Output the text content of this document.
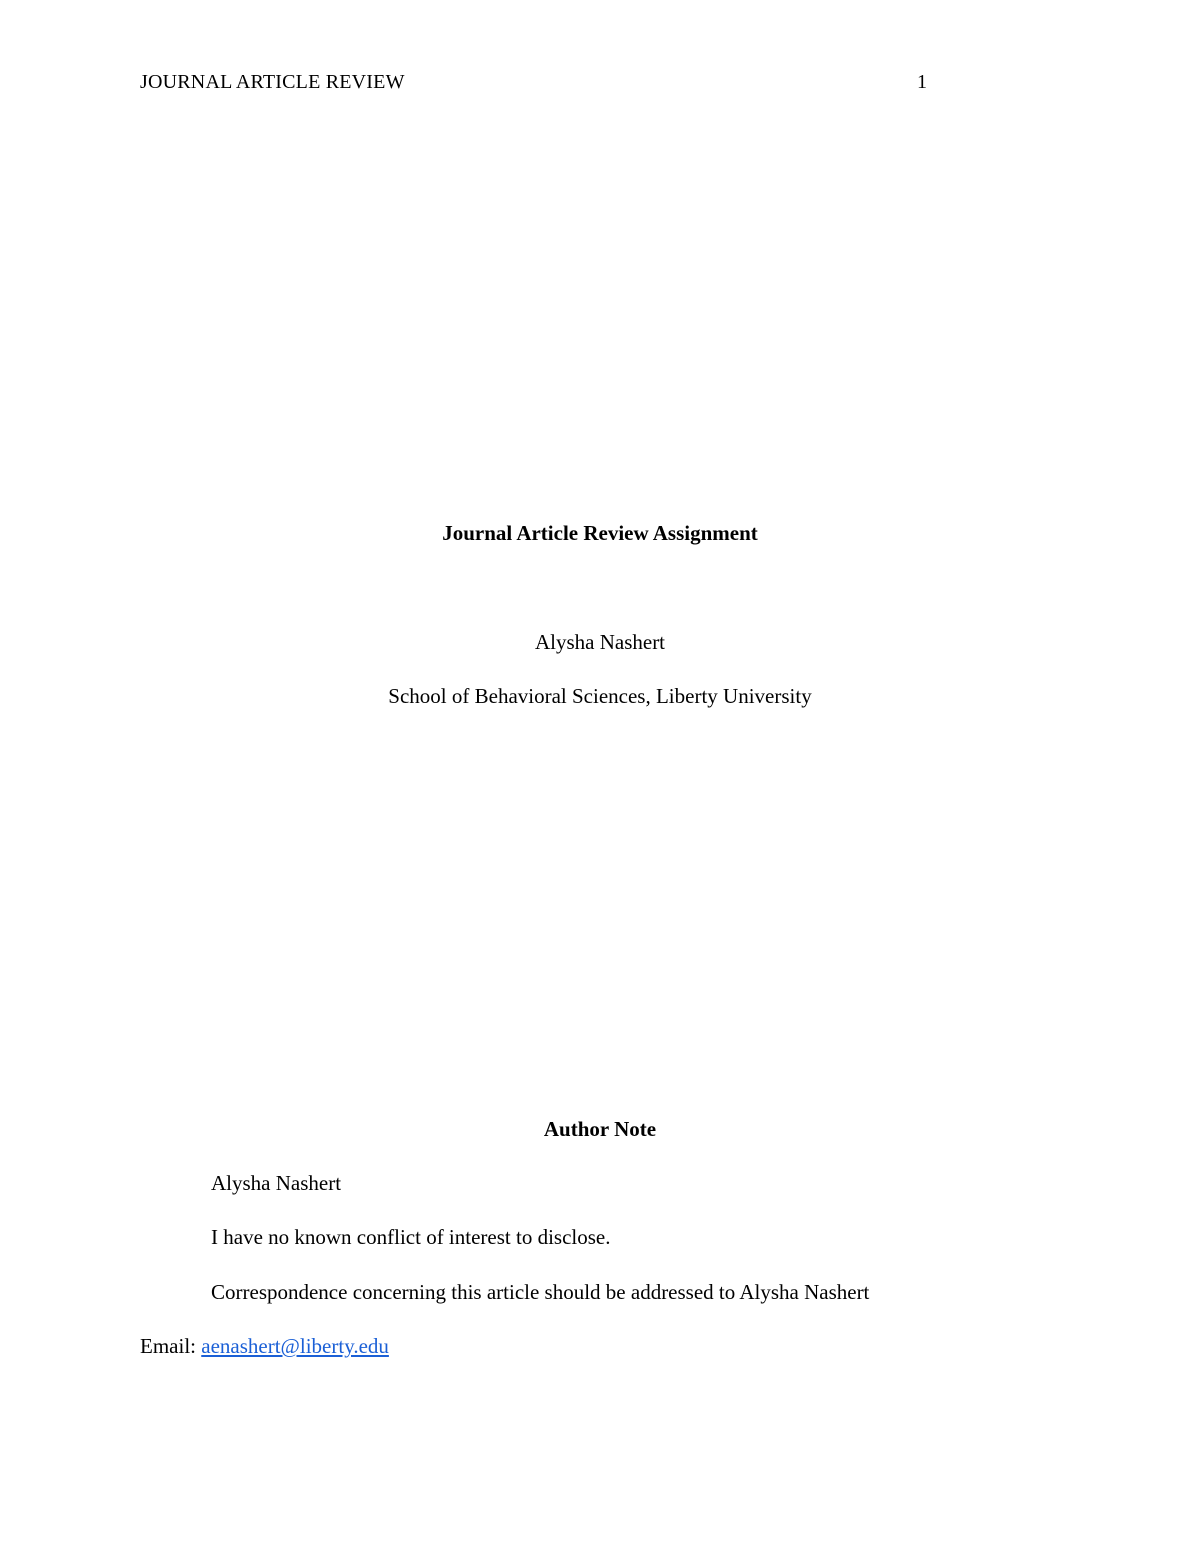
JOURNAL ARTICLE REVIEW	1
Journal Article Review Assignment
Alysha Nashert
School of Behavioral Sciences, Liberty University
Author Note
Alysha Nashert
I have no known conflict of interest to disclose.
Correspondence concerning this article should be addressed to Alysha Nashert
Email: aenashert@liberty.edu
